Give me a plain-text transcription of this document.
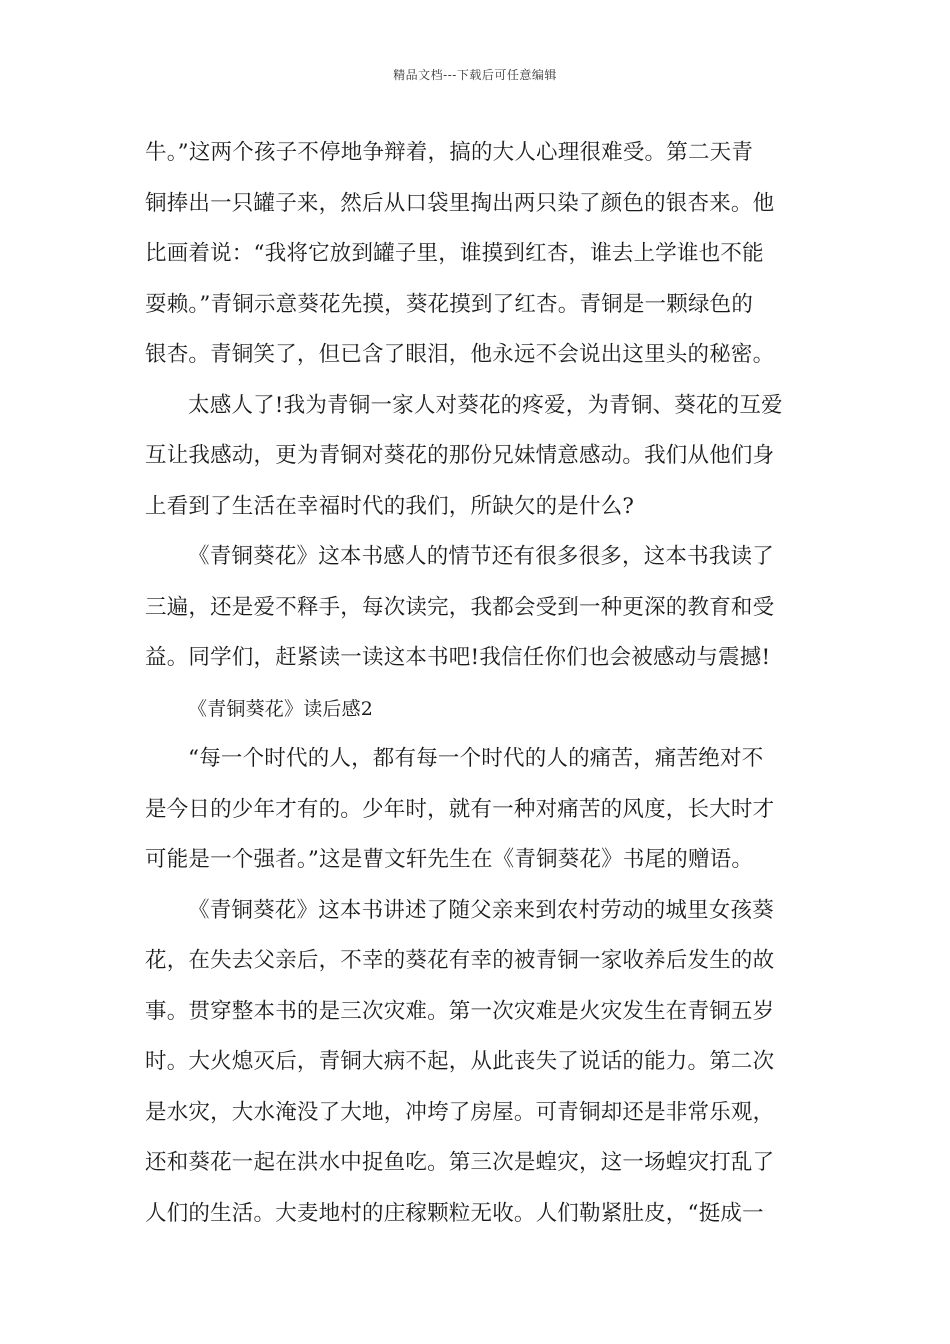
精品文档---下载后可任意编辑
牛。”这两个孩子不停地争辩着，搞的大人心理很难受。第二天青
铜捧出一只罐子来，然后从口袋里掏出两只染了颜色的银杏来。他
比画着说：“我将它放到罐子里，谁摸到红杏，谁去上学谁也不能
耍赖。”青铜示意葵花先摸，葵花摸到了红杏。青铜是一颗绿色的
银杏。青铜笑了，但已含了眼泪，他永远不会说出这里头的秘密。
太感人了!我为青铜一家人对葵花的疼爱，为青铜、葵花的互爱
互让我感动，更为青铜对葵花的那份兄妹情意感动。我们从他们身
上看到了生活在幸福时代的我们，所缺欠的是什么?
《青铜葵花》这本书感人的情节还有很多很多，这本书我读了
三遍，还是爱不释手，每次读完，我都会受到一种更深的教育和受
益。同学们，赶紧读一读这本书吧!我信任你们也会被感动与震撼!
《青铜葵花》读后感2
“每一个时代的人，都有每一个时代的人的痛苦，痛苦绝对不
是今日的少年才有的。少年时，就有一种对痛苦的风度，长大时才
可能是一个强者。”这是曹文轩先生在《青铜葵花》书尾的赠语。
《青铜葵花》这本书讲述了随父亲来到农村劳动的城里女孩葵
花，在失去父亲后，不幸的葵花有幸的被青铜一家收养后发生的故
事。贯穿整本书的是三次灾难。第一次灾难是火灾发生在青铜五岁
时。大火熄灭后，青铜大病不起，从此丧失了说话的能力。第二次
是水灾，大水淹没了大地，冲垮了房屋。可青铜却还是非常乐观，
还和葵花一起在洪水中捉鱼吃。第三次是蝗灾，这一场蝗灾打乱了
人们的生活。大麦地村的庄稼颗粒无收。人们勒紧肚皮，“挺成一
